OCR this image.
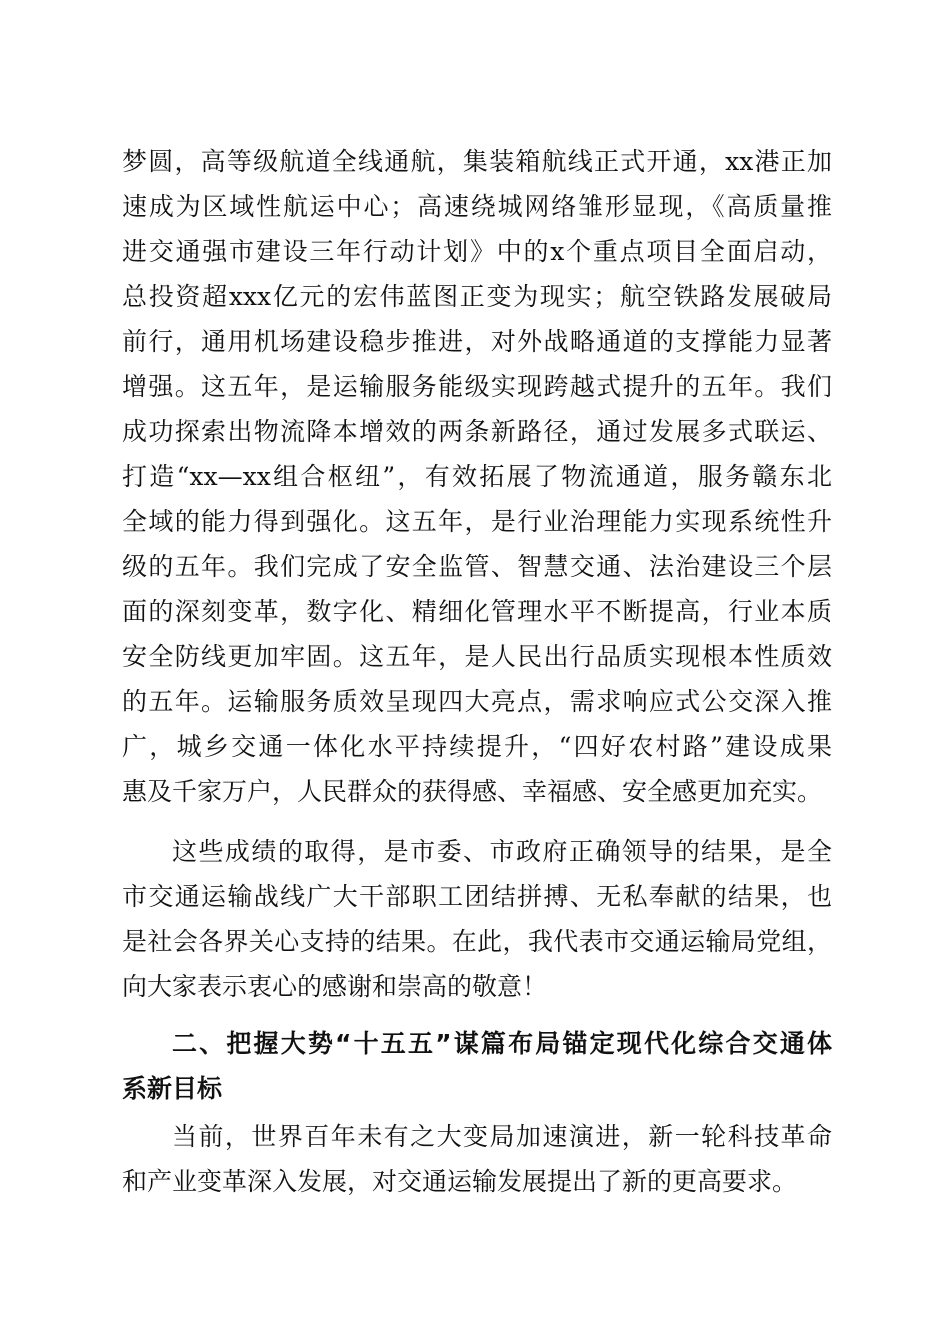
梦圆，高等级航道全线通航，集装箱航线正式开通，xx港正加
速成为区域性航运中心；高速绕城网络雏形显现，《高质量推
进交通强市建设三年行动计划》中的x个重点项目全面启动，
总投资超xxx亿元的宏伟蓝图正变为现实；航空铁路发展破局
前行，通用机场建设稳步推进，对外战略通道的支撑能力显著
增强。这五年，是运输服务能级实现跨越式提升的五年。我们
成功探索出物流降本增效的两条新路径，通过发展多式联运、
打造“xx—xx组合枢纽”，有效拓展了物流通道，服务赣东北
全域的能力得到强化。这五年，是行业治理能力实现系统性升
级的五年。我们完成了安全监管、智慧交通、法治建设三个层
面的深刻变革，数字化、精细化管理水平不断提高，行业本质
安全防线更加牢固。这五年，是人民出行品质实现根本性质效
的五年。运输服务质效呈现四大亮点，需求响应式公交深入推
广，城乡交通一体化水平持续提升，“四好农村路”建设成果
惠及千家万户，人民群众的获得感、幸福感、安全感更加充实。
这些成绩的取得，是市委、市政府正确领导的结果，是全
市交通运输战线广大干部职工团结拼搏、无私奉献的结果，也
是社会各界关心支持的结果。在此，我代表市交通运输局党组，
向大家表示衷心的感谢和崇高的敬意！
二、把握大势“十五五”谋篇布局锚定现代化综合交通体
系新目标
当前，世界百年未有之大变局加速演进，新一轮科技革命
和产业变革深入发展，对交通运输发展提出了新的更高要求。
